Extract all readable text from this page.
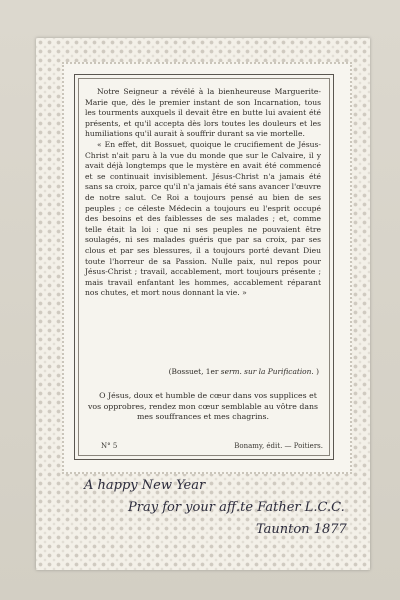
Notre Seigneur a révélé à la bienheureuse Marguerite-Marie que, dès le premier instant de son Incarnation, tous les tourments auxquels il devait être en butte lui avaient été présents, et qu'il accepta dès lors toutes les douleurs et les humiliations qu'il aurait à souffrir durant sa vie mortelle.

« En effet, dit Bossuet, quoique le crucifiement de Jésus-Christ n'ait paru à la vue du monde que sur le Calvaire, il y avait déjà longtemps que le mystère en avait été commencé et se continuait invisiblement. Jésus-Christ n'a jamais été sans sa croix, parce qu'il n'a jamais été sans avancer l'œuvre de notre salut. Ce Roi a toujours pensé au bien de ses peuples ; ce céleste Médecin a toujours eu l'esprit occupé des besoins et des faiblesses de ses malades ; et, comme telle était la loi : que ni ses peuples ne pouvaient être soulagés, ni ses malades guéris que par sa croix, par ses clous et par ses blessures, il a toujours porté devant Dieu toute l'horreur de sa Passion. Nulle paix, nul repos pour Jésus-Christ ; travail, accablement, mort toujours présente ; mais travail enfantant les hommes, accablement réparant nos chutes, et mort nous donnant la vie. »

(Bossuet, 1er serm. sur la Purification. )

O Jésus, doux et humble de cœur dans vos supplices et vos opprobres, rendez mon cœur semblable au vôtre dans mes souffrances et mes chagrins.

N° 5	Bonamy, édit. — Poitiers.
A happy New Year
Pray for your aff.te Father L.C.C.
Taunton 1877
